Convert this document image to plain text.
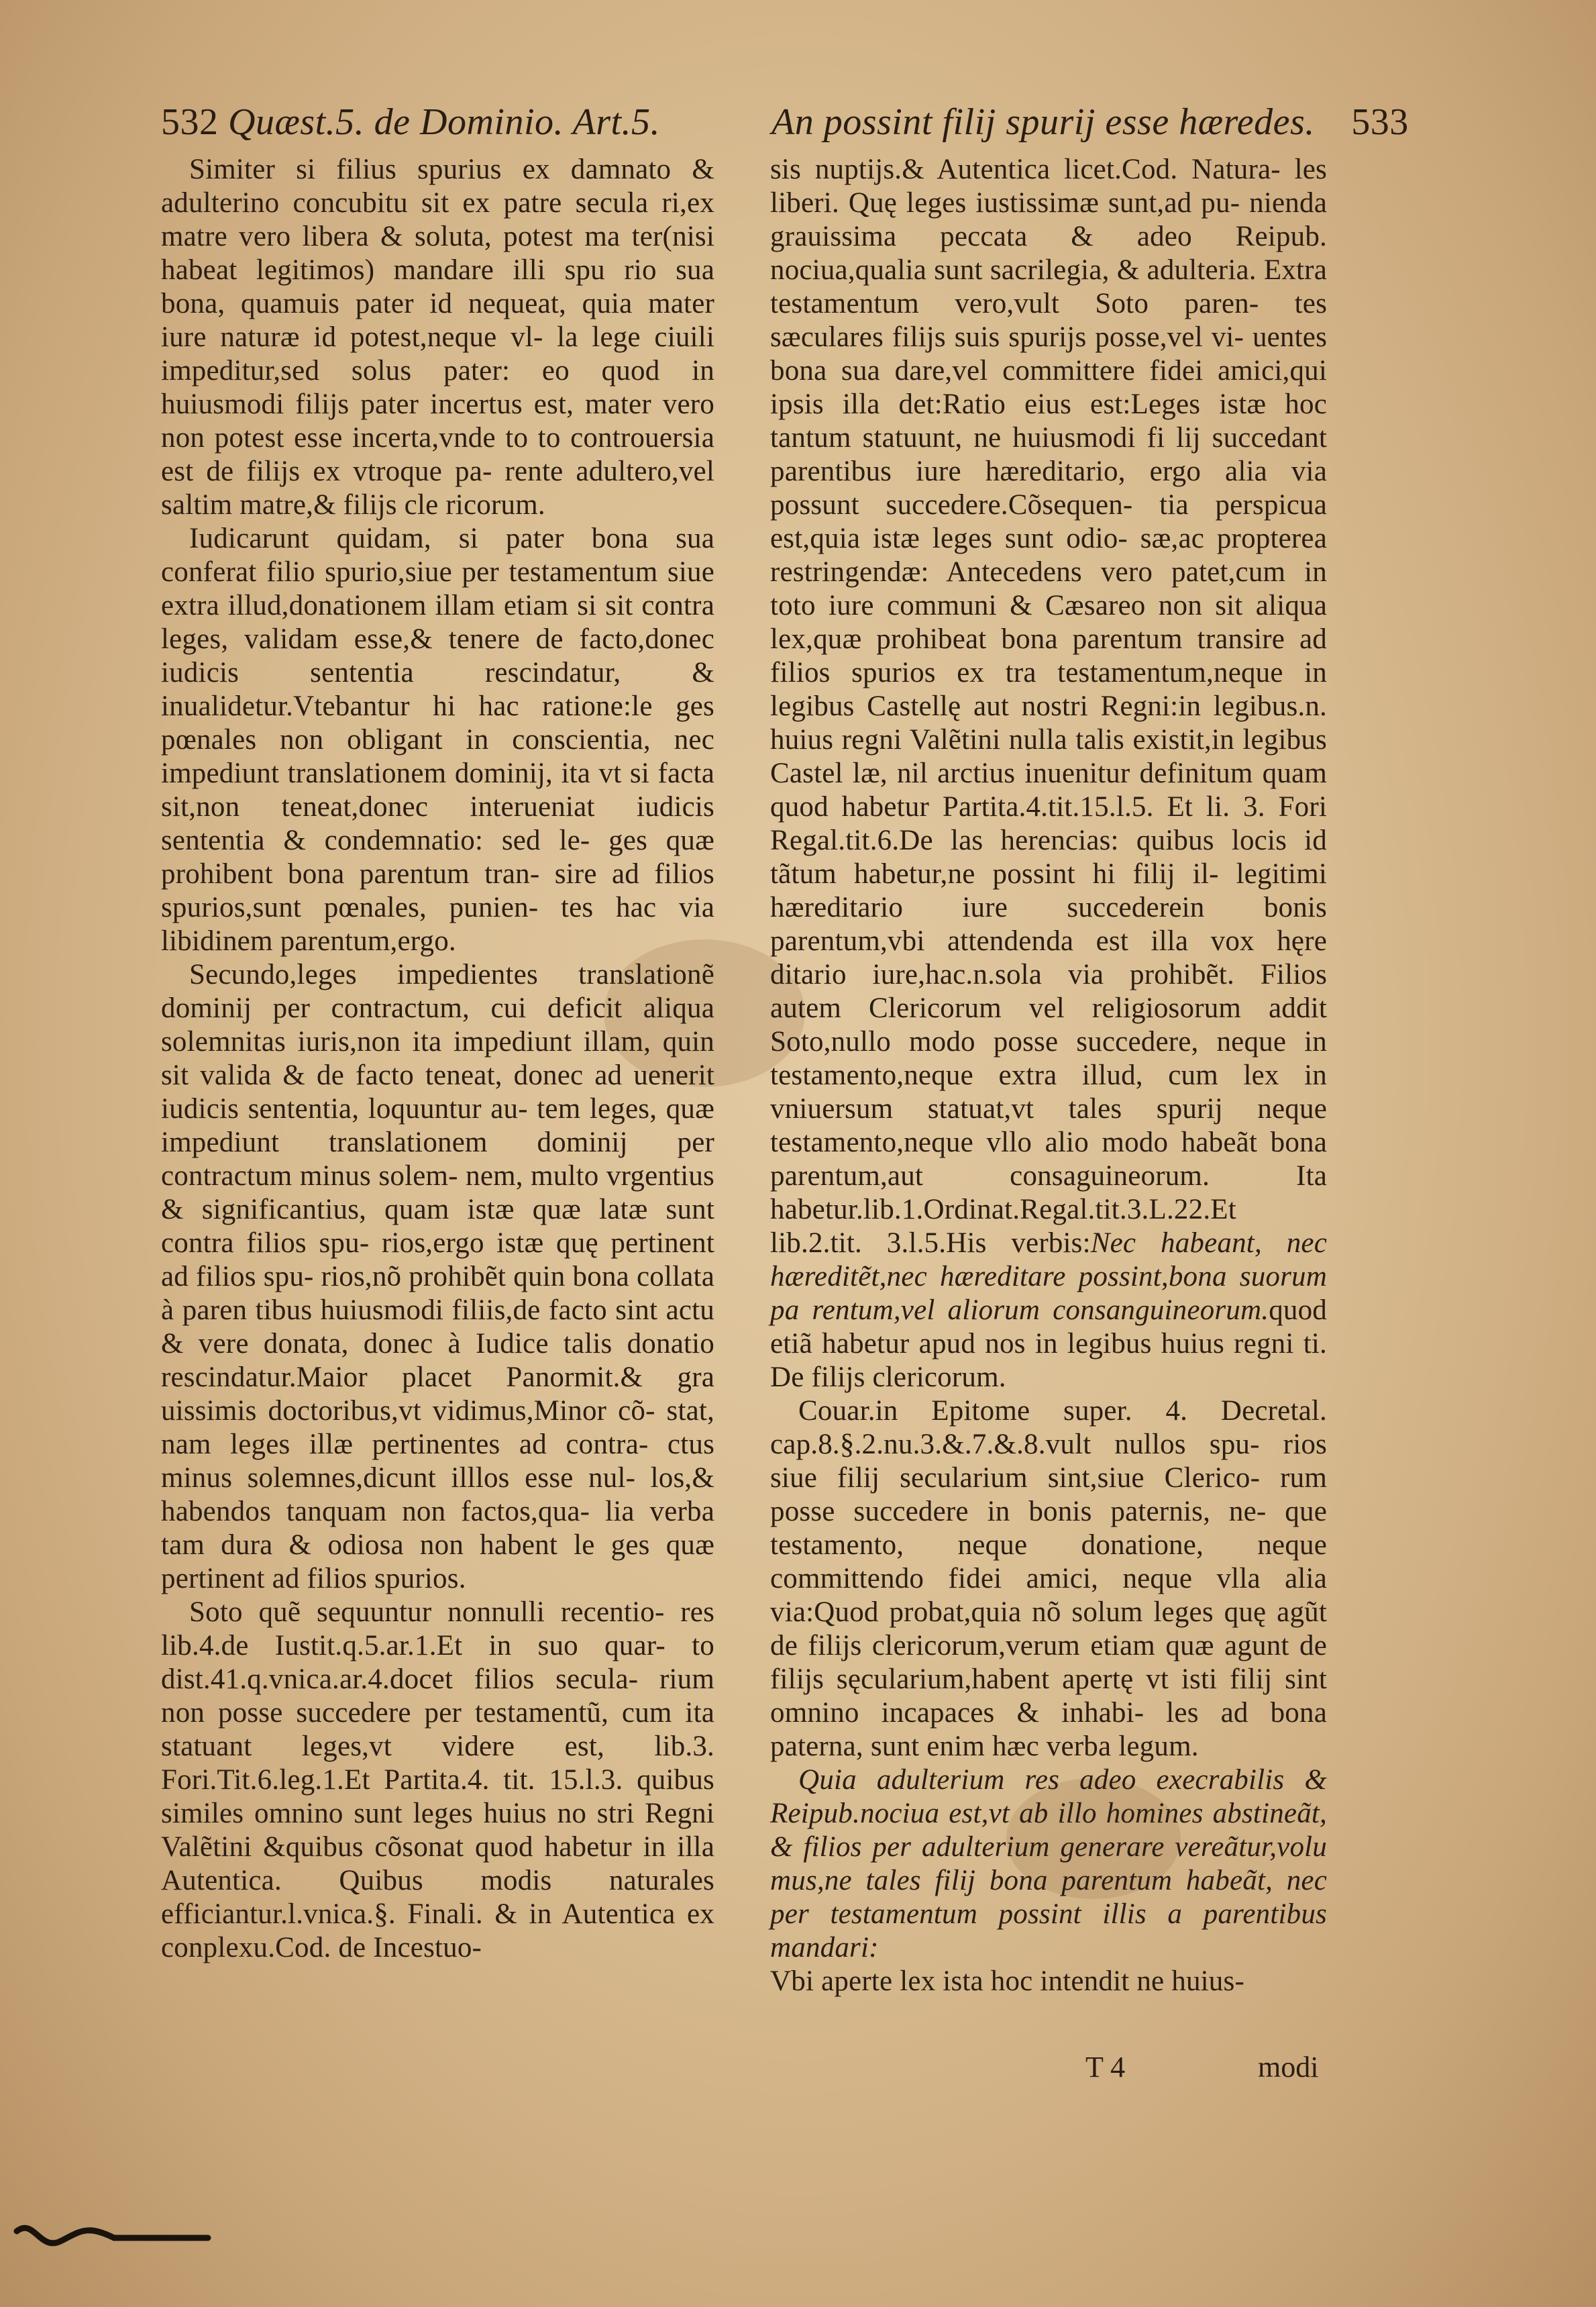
532 Quæst.5. de Dominio. Art.5.	An possint filij spurij esse hæredes. 533

Simiter si filius spurius ex damnato & adulterino concubitu sit ex patre secula ri,ex matre vero libera & soluta, potest ma ter(nisi habeat legitimos) mandare illi spu rio sua bona, quamuis pater id nequeat, quia mater iure naturæ id potest,neque vl- la lege ciuili impeditur,sed solus pater: eo quod in huiusmodi filijs pater incertus est, mater vero non potest esse incerta,vnde to to controuersia est de filijs ex vtroque pa- rente adultero,vel saltim matre,& filijs cle ricorum.

Iudicarunt quidam, si pater bona sua conferat filio spurio,siue per testamentum siue extra illud,donationem illam etiam si sit contra leges, validam esse,& tenere de facto,donec iudicis sententia rescindatur, & inualidetur.Vtebantur hi hac ratione:le ges pœnales non obligant in conscientia, nec impediunt translationem dominij, ita vt si facta sit,non teneat,donec interueniat iudicis sententia & condemnatio: sed le- ges quæ prohibent bona parentum tran- sire ad filios spurios,sunt pœnales, punien- tes hac via libidinem parentum,ergo.

Secundo,leges impedientes translationẽ dominij per contractum, cui deficit aliqua solemnitas iuris,non ita impediunt illam, quin sit valida & de facto teneat, donec ad uenerit iudicis sententia, loquuntur au- tem leges, quæ impediunt translationem dominij per contractum minus solem- nem, multo vrgentius & significantius, quam istæ quæ latæ sunt contra filios spu- rios,ergo istæ quę pertinent ad filios spu- rios,nõ prohibẽt quin bona collata à paren tibus huiusmodi filiis,de facto sint actu & vere donata, donec à Iudice talis donatio rescindatur.Maior placet Panormit.& gra uissimis doctoribus,vt vidimus,Minor cõ- stat, nam leges illæ pertinentes ad contra- ctus minus solemnes,dicunt illlos esse nul- los,& habendos tanquam non factos,qua- lia verba tam dura & odiosa non habent le ges quæ pertinent ad filios spurios.

Soto quẽ sequuntur nonnulli recentio- res lib.4.de Iustit.q.5.ar.1.Et in suo quar- to dist.41.q.vnica.ar.4.docet filios secula- rium non posse succedere per testamentũ, cum ita statuant leges,vt videre est, lib.3. Fori.Tit.6.leg.1.Et Partita.4. tit. 15.l.3. quibus similes omnino sunt leges huius no stri Regni Valẽtini &quibus cõsonat quod habetur in illa Autentica. Quibus modis naturales efficiantur.l.vnica.§. Finali. & in Autentica ex conplexu.Cod. de Incestuo-

sis nuptijs.& Autentica licet.Cod. Natura- les liberi. Quę leges iustissimæ sunt,ad pu- nienda grauissima peccata & adeo Reipub. nociua,qualia sunt sacrilegia, & adulteria. Extra testamentum vero,vult Soto paren- tes sæculares filijs suis spurijs posse,vel vi- uentes bona sua dare,vel committere fidei amici,qui ipsis illa det:Ratio eius est:Leges istæ hoc tantum statuunt, ne huiusmodi fi lij succedant parentibus iure hæreditario, ergo alia via possunt succedere.Cõsequen- tia perspicua est,quia istæ leges sunt odio- sæ,ac propterea restringendæ: Antecedens vero patet,cum in toto iure communi & Cæsareo non sit aliqua lex,quæ prohibeat bona parentum transire ad filios spurios ex tra testamentum,neque in legibus Castellę aut nostri Regni:in legibus.n. huius regni Valẽtini nulla talis existit,in legibus Castel læ, nil arctius inuenitur definitum quam quod habetur Partita.4.tit.15.l.5. Et li. 3. Fori Regal.tit.6.De las herencias: quibus locis id tãtum habetur,ne possint hi filij il- legitimi hæreditario iure succederein bonis parentum,vbi attendenda est illa vox hęre ditario iure,hac.n.sola via prohibẽt. Filios autem Clericorum vel religiosorum addit Soto,nullo modo posse succedere, neque in testamento,neque extra illud, cum lex in vniuersum statuat,vt tales spurij neque testamento,neque vllo alio modo habeãt bona parentum,aut consaguineorum. Ita habetur.lib.1.Ordinat.Regal.tit.3.L.22.Et lib.2.tit. 3.l.5.His verbis:Nec habeant, nec hæreditẽt,nec hæreditare possint,bona suorum pa rentum,vel aliorum consanguineorum.quod etiã habetur apud nos in legibus huius regni ti. De filijs clericorum.

Couar.in Epitome super. 4. Decretal. cap.8.§.2.nu.3.&.7.&.8.vult nullos spu- rios siue filij secularium sint,siue Clerico- rum posse succedere in bonis paternis, ne- que testamento, neque donatione, neque committendo fidei amici, neque vlla alia via:Quod probat,quia nõ solum leges quę agũt de filijs clericorum,verum etiam quæ agunt de filijs sęcularium,habent apertę vt isti filij sint omnino incapaces & inhabi- les ad bona paterna, sunt enim hæc verba legum.

Quia adulterium res adeo execrabilis & Reipub.nociua est,vt ab illo homines abstineãt, & filios per adulterium generare vereãtur,volu mus,ne tales filij bona parentum habeãt, nec per testamentum possint illis a parentibus mandari:

Vbi aperte lex ista hoc intendit ne huius-

T 4	modi
